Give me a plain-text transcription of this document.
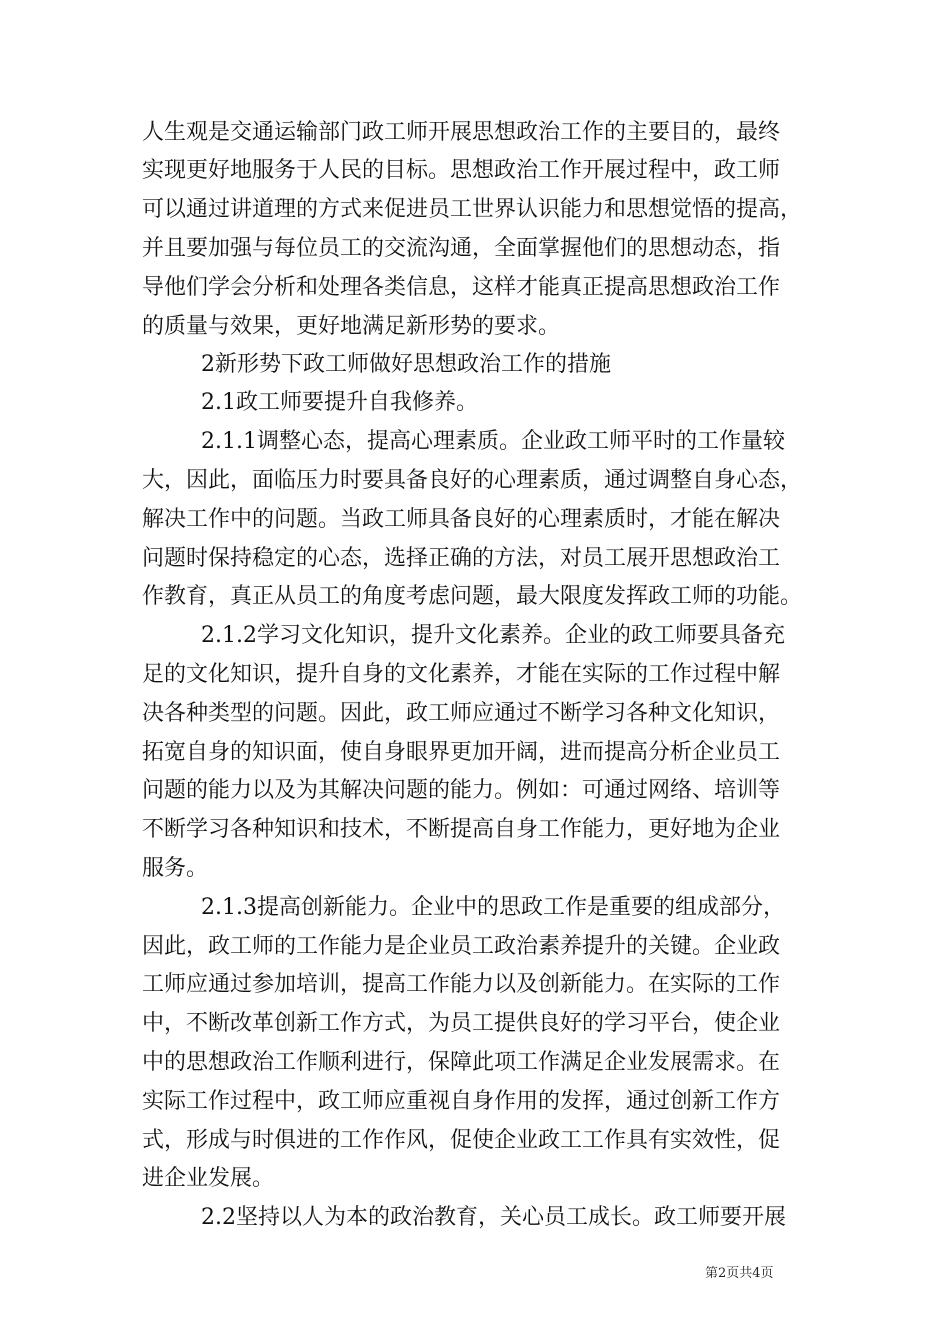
人生观是交通运输部门政工师开展思想政治工作的主要目的，最终
实现更好地服务于人民的目标。思想政治工作开展过程中，政工师
可以通过讲道理的方式来促进员工世界认识能力和思想觉悟的提高，
并且要加强与每位员工的交流沟通，全面掌握他们的思想动态，指
导他们学会分析和处理各类信息，这样才能真正提高思想政治工作
的质量与效果，更好地满足新形势的要求。
2新形势下政工师做好思想政治工作的措施
2.1政工师要提升自我修养。
2.1.1调整心态，提高心理素质。企业政工师平时的工作量较
大，因此，面临压力时要具备良好的心理素质，通过调整自身心态，
解决工作中的问题。当政工师具备良好的心理素质时，才能在解决
问题时保持稳定的心态，选择正确的方法，对员工展开思想政治工
作教育，真正从员工的角度考虑问题，最大限度发挥政工师的功能。
2.1.2学习文化知识，提升文化素养。企业的政工师要具备充
足的文化知识，提升自身的文化素养，才能在实际的工作过程中解
决各种类型的问题。因此，政工师应通过不断学习各种文化知识，
拓宽自身的知识面，使自身眼界更加开阔，进而提高分析企业员工
问题的能力以及为其解决问题的能力。例如：可通过网络、培训等
不断学习各种知识和技术，不断提高自身工作能力，更好地为企业
服务。
2.1.3提高创新能力。企业中的思政工作是重要的组成部分，
因此，政工师的工作能力是企业员工政治素养提升的关键。企业政
工师应通过参加培训，提高工作能力以及创新能力。在实际的工作
中，不断改革创新工作方式，为员工提供良好的学习平台，使企业
中的思想政治工作顺利进行，保障此项工作满足企业发展需求。在
实际工作过程中，政工师应重视自身作用的发挥，通过创新工作方
式，形成与时俱进的工作作风，促使企业政工工作具有实效性，促
进企业发展。
2.2坚持以人为本的政治教育，关心员工成长。政工师要开展
第2页共4页
